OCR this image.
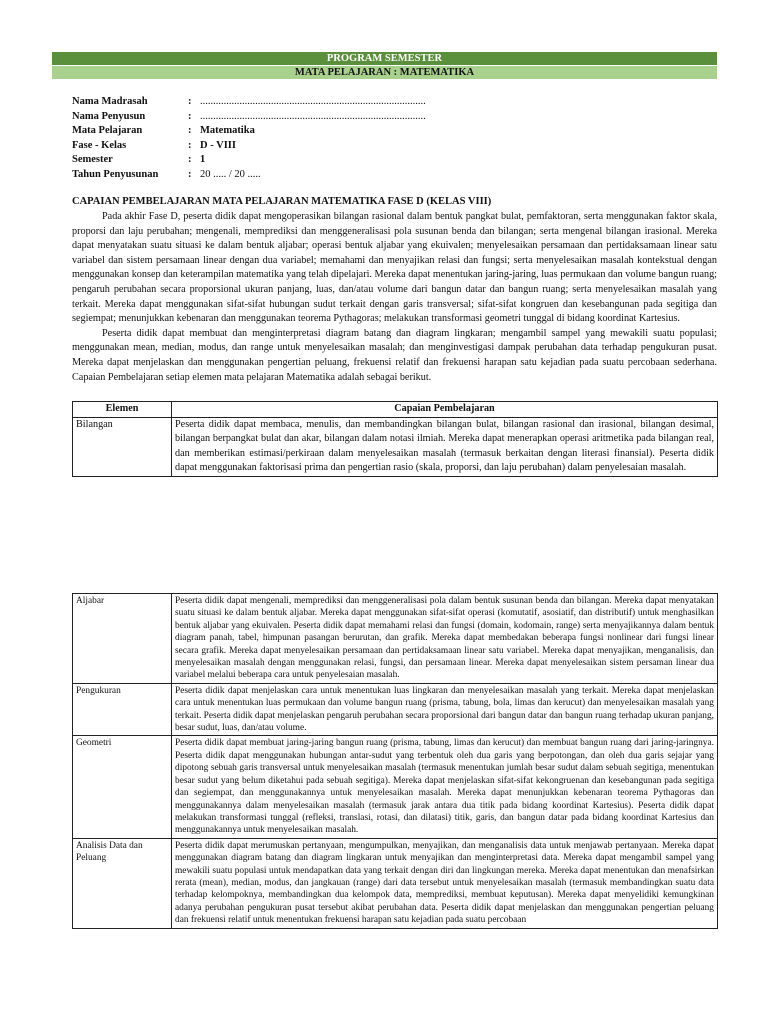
PROGRAM SEMESTER
MATA PELAJARAN : MATEMATIKA
Nama Madrasah	: ......................................................................................
Nama Penyusun	: ......................................................................................
Mata Pelajaran	: Matematika
Fase - Kelas	: D - VIII
Semester	: 1
Tahun Penyusunan	: 20 ..... / 20 .....
CAPAIAN PEMBELAJARAN MATA PELAJARAN MATEMATIKA FASE D (KELAS VIII)

Pada akhir Fase D, peserta didik dapat mengoperasikan bilangan rasional dalam bentuk pangkat bulat, pemfaktoran, serta menggunakan faktor skala, proporsi dan laju perubahan; mengenali, memprediksi dan menggeneralisasi pola susunan benda dan bilangan; serta mengenal bilangan irasional. Mereka dapat menyatakan suatu situasi ke dalam bentuk aljabar; operasi bentuk aljabar yang ekuivalen; menyelesaikan persamaan dan pertidaksamaan linear satu variabel dan sistem persamaan linear dengan dua variabel; memahami dan menyajikan relasi dan fungsi; serta menyelesaikan masalah kontekstual dengan menggunakan konsep dan keterampilan matematika yang telah dipelajari. Mereka dapat menentukan jaring-jaring, luas permukaan dan volume bangun ruang; pengaruh perubahan secara proporsional ukuran panjang, luas, dan/atau volume dari bangun datar dan bangun ruang; serta menyelesaikan masalah yang terkait. Mereka dapat menggunakan sifat-sifat hubungan sudut terkait dengan garis transversal; sifat-sifat kongruen dan kesebangunan pada segitiga dan segiempat; menunjukkan kebenaran dan menggunakan teorema Pythagoras; melakukan transformasi geometri tunggal di bidang koordinat Kartesius.

Peserta didik dapat membuat dan menginterpretasi diagram batang dan diagram lingkaran; mengambil sampel yang mewakili suatu populasi; menggunakan mean, median, modus, dan range untuk menyelesaikan masalah; dan menginvestigasi dampak perubahan data terhadap pengukuran pusat. Mereka dapat menjelaskan dan menggunakan pengertian peluang, frekuensi relatif dan frekuensi harapan satu kejadian pada suatu percobaan sederhana. Capaian Pembelajaran setiap elemen mata pelajaran Matematika adalah sebagai berikut.

Elemen	Capaian Pembelajaran
Bilangan	Peserta didik dapat membaca, menulis, dan membandingkan bilangan bulat, bilangan rasional dan irasional, bilangan desimal, bilangan berpangkat bulat dan akar, bilangan dalam notasi ilmiah. Mereka dapat menerapkan operasi aritmetika pada bilangan real, dan memberikan estimasi/perkiraan dalam menyelesaikan masalah (termasuk berkaitan dengan literasi finansial). Peserta didik dapat menggunakan faktorisasi prima dan pengertian rasio (skala, proporsi, dan laju perubahan) dalam penyelesaian masalah.
Aljabar	Peserta didik dapat mengenali, memprediksi dan menggeneralisasi pola dalam bentuk susunan benda dan bilangan. Mereka dapat menyatakan suatu situasi ke dalam bentuk aljabar. Mereka dapat menggunakan sifat-sifat operasi (komutatif, asosiatif, dan distributif) untuk menghasilkan bentuk aljabar yang ekuivalen. Peserta didik dapat memahami relasi dan fungsi (domain, kodomain, range) serta menyajikannya dalam bentuk diagram panah, tabel, himpunan pasangan berurutan, dan grafik. Mereka dapat membedakan beberapa fungsi nonlinear dari fungsi linear secara grafik. Mereka dapat menyelesaikan persamaan dan pertidaksamaan linear satu variabel. Mereka dapat menyajikan, menganalisis, dan menyelesaikan masalah dengan menggunakan relasi, fungsi, dan persamaan linear. Mereka dapat menyelesaikan sistem persaman linear dua variabel melalui beberapa cara untuk penyelesaian masalah.
Pengukuran	Peserta didik dapat menjelaskan cara untuk menentukan luas lingkaran dan menyelesaikan masalah yang terkait. Mereka dapat menjelaskan cara untuk menentukan luas permukaan dan volume bangun ruang (prisma, tabung, bola, limas dan kerucut) dan menyelesaikan masalah yang terkait. Peserta didik dapat menjelaskan pengaruh perubahan secara proporsional dari bangun datar dan bangun ruang terhadap ukuran panjang, besar sudut, luas, dan/atau volume.
Geometri	Peserta didik dapat membuat jaring-jaring bangun ruang (prisma, tabung, limas dan kerucut) dan membuat bangun ruang dari jaring-jaringnya. Peserta didik dapat menggunakan hubungan antar-sudut yang terbentuk oleh dua garis yang berpotongan, dan oleh dua garis sejajar yang dipotong sebuah garis transversal untuk menyelesaikan masalah (termasuk menentukan jumlah besar sudut dalam sebuah segitiga, menentukan besar sudut yang belum diketahui pada sebuah segitiga). Mereka dapat menjelaskan sifat-sifat kekongruenan dan kesebangunan pada segitiga dan segiempat, dan menggunakannya untuk menyelesaikan masalah. Mereka dapat menunjukkan kebenaran teorema Pythagoras dan menggunakannya dalam menyelesaikan masalah (termasuk jarak antara dua titik pada bidang koordinat Kartesius). Peserta didik dapat melakukan transformasi tunggal (refleksi, translasi, rotasi, dan dilatasi) titik, garis, dan bangun datar pada bidang koordinat Kartesius dan menggunakannya untuk menyelesaikan masalah.
Analisis Data dan Peluang	Peserta didik dapat merumuskan pertanyaan, mengumpulkan, menyajikan, dan menganalisis data untuk menjawab pertanyaan. Mereka dapat menggunakan diagram batang dan diagram lingkaran untuk menyajikan dan menginterpretasi data. Mereka dapat mengambil sampel yang mewakili suatu populasi untuk mendapatkan data yang terkait dengan diri dan lingkungan mereka. Mereka dapat menentukan dan menafsirkan rerata (mean), median, modus, dan jangkauan (range) dari data tersebut untuk menyelesaikan masalah (termasuk membandingkan suatu data terhadap kelompoknya, membandingkan dua kelompok data, memprediksi, membuat keputusan). Mereka dapat menyelidiki kemungkinan adanya perubahan pengukuran pusat tersebut akibat perubahan data. Peserta didik dapat menjelaskan dan menggunakan pengertian peluang dan frekuensi relatif untuk menentukan frekuensi harapan satu kejadian pada suatu percobaan
